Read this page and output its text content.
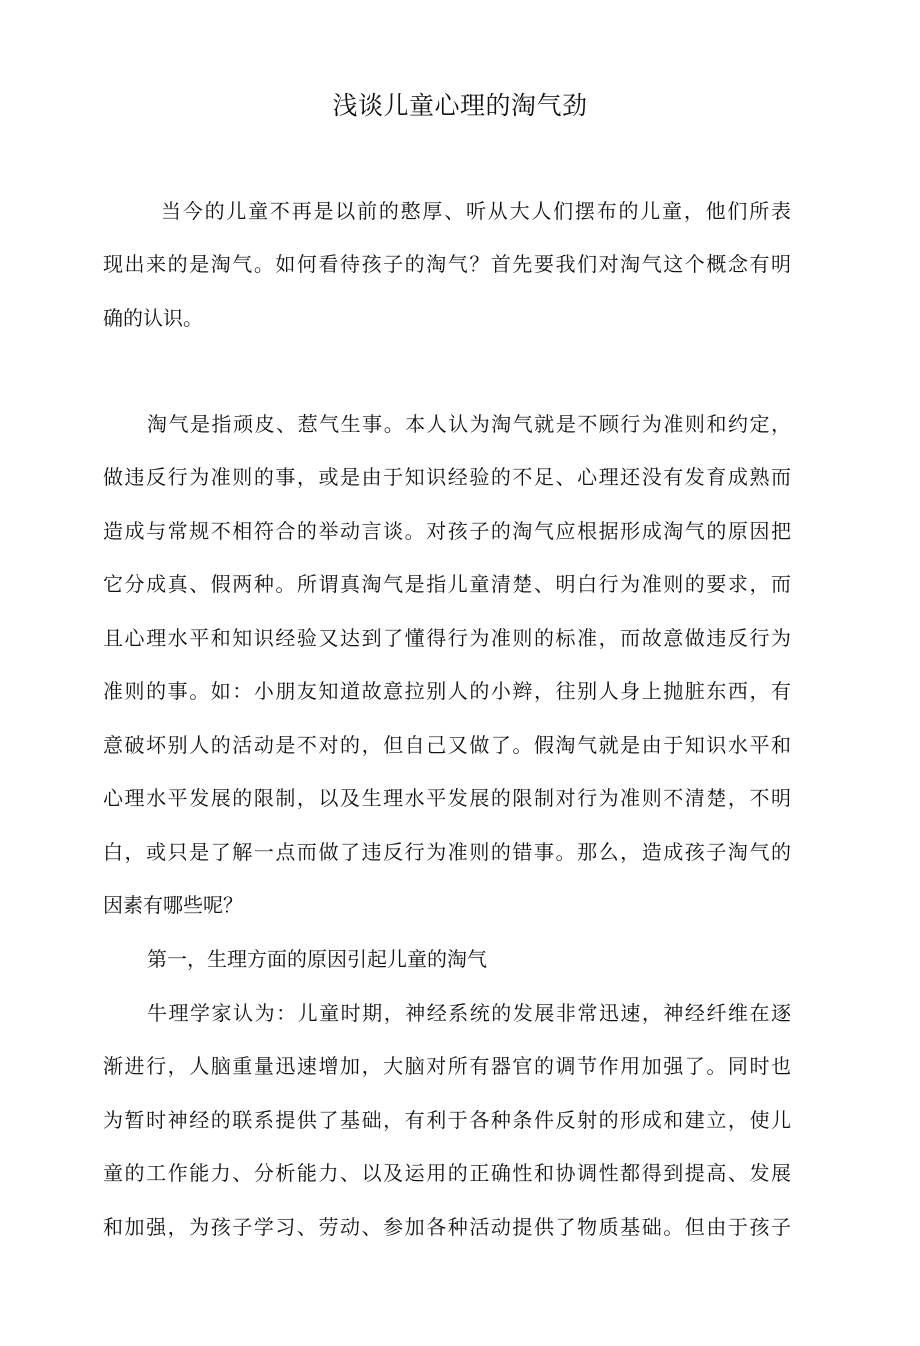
浅谈儿童心理的淘气劲
当今的儿童不再是以前的憨厚、听从大人们摆布的儿童，他们所表
现出来的是淘气。如何看待孩子的淘气？首先要我们对淘气这个概念有明
确的认识。
淘气是指顽皮、惹气生事。本人认为淘气就是不顾行为准则和约定，
做违反行为准则的事，或是由于知识经验的不足、心理还没有发育成熟而
造成与常规不相符合的举动言谈。对孩子的淘气应根据形成淘气的原因把
它分成真、假两种。所谓真淘气是指儿童清楚、明白行为准则的要求，而
且心理水平和知识经验又达到了懂得行为准则的标准，而故意做违反行为
准则的事。如：小朋友知道故意拉别人的小辫，往别人身上抛脏东西，有
意破坏别人的活动是不对的，但自己又做了。假淘气就是由于知识水平和
心理水平发展的限制，以及生理水平发展的限制对行为准则不清楚，不明
白，或只是了解一点而做了违反行为准则的错事。那么，造成孩子淘气的
因素有哪些呢？
第一，生理方面的原因引起儿童的淘气
牛理学家认为：儿童时期，神经系统的发展非常迅速，神经纤维在逐
渐进行，人脑重量迅速增加，大脑对所有器官的调节作用加强了。同时也
为暂时神经的联系提供了基础，有利于各种条件反射的形成和建立，使儿
童的工作能力、分析能力、以及运用的正确性和协调性都得到提高、发展
和加强，为孩子学习、劳动、参加各种活动提供了物质基础。但由于孩子
